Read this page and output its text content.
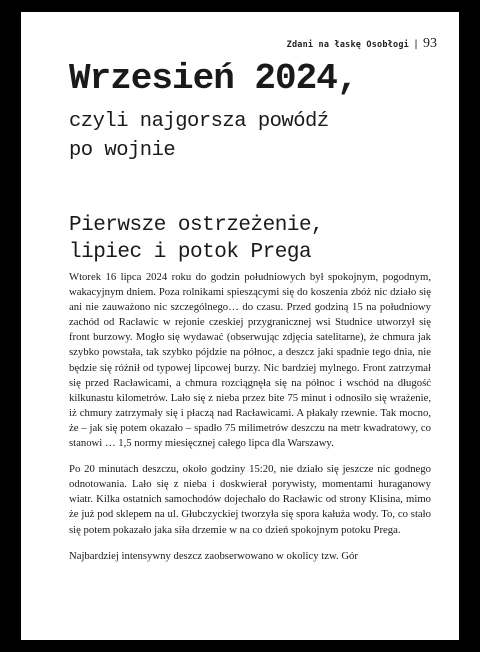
Zdani na łaskę Osobłogi | 93
Wrzesień 2024,
czyli najgorsza powódź
po wojnie
Pierwsze ostrzeżenie,
lipiec i potok Prega

Wtorek 16 lipca 2024 roku do godzin południowych był spokojnym, pogodnym, wakacyjnym dniem. Poza rolnikami spieszącymi się do koszenia zbóż nic działo się ani nie zauważono nic szczególnego… do czasu. Przed godziną 15 na południowy zachód od Racławic w rejonie czeskiej przygranicznej wsi Studnice utworzył się front burzowy. Mogło się wydawać (obserwując zdjęcia satelitarne), że chmura jak szybko powstała, tak szybko pójdzie na północ, a deszcz jaki spadnie tego dnia, nie będzie się różnił od typowej lipcowej burzy. Nic bardziej mylnego. Front zatrzymał się przed Racławicami, a chmura rozciągnęła się na północ i wschód na długość kilkunastu kilometrów. Lało się z nieba przez bite 75 minut i odnosiło się wrażenie, iż chmury zatrzymały się i płaczą nad Racławicami. A płakały rzewnie. Tak mocno, że – jak się potem okazało – spadło 75 milimetrów deszczu na metr kwadratowy, co stanowi … 1,5 normy miesięcznej całego lipca dla Warszawy.

Po 20 minutach deszczu, około godziny 15:20, nie działo się jeszcze nic godnego odnotowania. Lało się z nieba i doskwierał porywisty, momentami huraganowy wiatr. Kilka ostatnich samochodów dojechało do Racławic od strony Klisina, mimo że już pod sklepem na ul. Głubczyckiej tworzyła się spora kałuża wody. To, co stało się potem pokazało jaka siła drzemie w na co dzień spokojnym potoku Prega.

Najbardziej intensywny deszcz zaobserwowano w okolicy tzw. Gór
